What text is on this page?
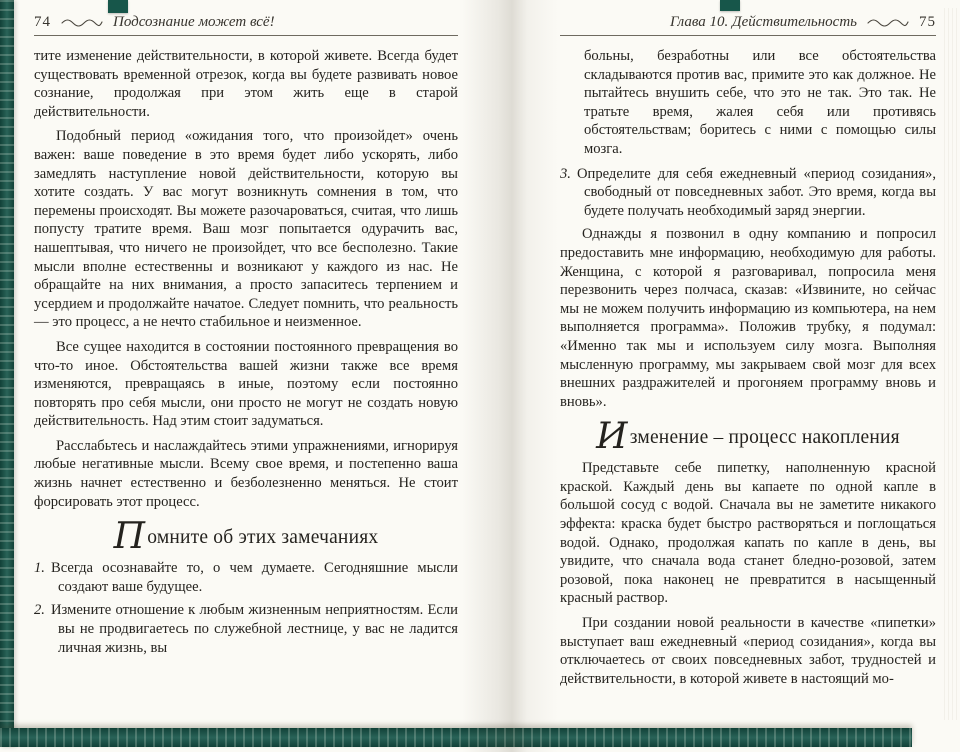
74	Подсознание может всё!

тите изменение действительности, в которой живете. Всегда будет существовать временной отрезок, когда вы будете развивать новое сознание, продолжая при этом жить еще в старой действительности.

Подобный период «ожидания того, что произойдет» очень важен: ваше поведение в это время будет либо ускорять, либо замедлять наступление новой действительности, которую вы хотите создать. У вас могут возникнуть сомнения в том, что перемены происходят. Вы можете разочароваться, считая, что лишь попусту тратите время. Ваш мозг попытается одурачить вас, нашептывая, что ничего не произойдет, что все бесполезно. Такие мысли вполне естественны и возникают у каждого из нас. Не обращайте на них внимания, а просто запаситесь терпением и усердием и продолжайте начатое. Следует помнить, что реальность — это процесс, а не нечто стабильное и неизменное.

Все сущее находится в состоянии постоянного превращения во что-то иное. Обстоятельства вашей жизни также все время изменяются, превращаясь в иные, поэтому если постоянно повторять про себя мысли, они просто не могут не создать новую действительность. Над этим стоит задуматься.

Расслабьтесь и наслаждайтесь этими упражнениями, игнорируя любые негативные мысли. Всему свое время, и постепенно ваша жизнь начнет естественно и безболезненно меняться. Не стоит форсировать этот процесс.

Помните об этих замечаниях

1. Всегда осознавайте то, о чем думаете. Сегодняшние мысли создают ваше будущее.

2. Измените отношение к любым жизненным неприятностям. Если вы не продвигаетесь по служебной лестнице, у вас не ладится личная жизнь, вы

Глава 10. Действительность	75

больны, безработны или все обстоятельства складываются против вас, примите это как должное. Не пытайтесь внушить себе, что это не так. Это так. Не тратьте время, жалея себя или противясь обстоятельствам; боритесь с ними с помощью силы мозга.

3. Определите для себя ежедневный «период созидания», свободный от повседневных забот. Это время, когда вы будете получать необходимый заряд энергии.

Однажды я позвонил в одну компанию и попросил предоставить мне информацию, необходимую для работы. Женщина, с которой я разговаривал, попросила меня перезвонить через полчаса, сказав: «Извините, но сейчас мы не можем получить информацию из компьютера, на нем выполняется программа». Положив трубку, я подумал: «Именно так мы и используем силу мозга. Выполняя мысленную программу, мы закрываем свой мозг для всех внешних раздражителей и прогоняем программу вновь и вновь».

Изменение – процесс накопления

Представьте себе пипетку, наполненную красной краской. Каждый день вы капаете по одной капле в большой сосуд с водой. Сначала вы не заметите никакого эффекта: краска будет быстро растворяться и поглощаться водой. Однако, продолжая капать по капле в день, вы увидите, что сначала вода станет бледно-розовой, затем розовой, пока наконец не превратится в насыщенный красный раствор.

При создании новой реальности в качестве «пипетки» выступает ваш ежедневный «период созидания», когда вы отключаетесь от своих повседневных забот, трудностей и действительности, в которой живете в настоящий мо-
